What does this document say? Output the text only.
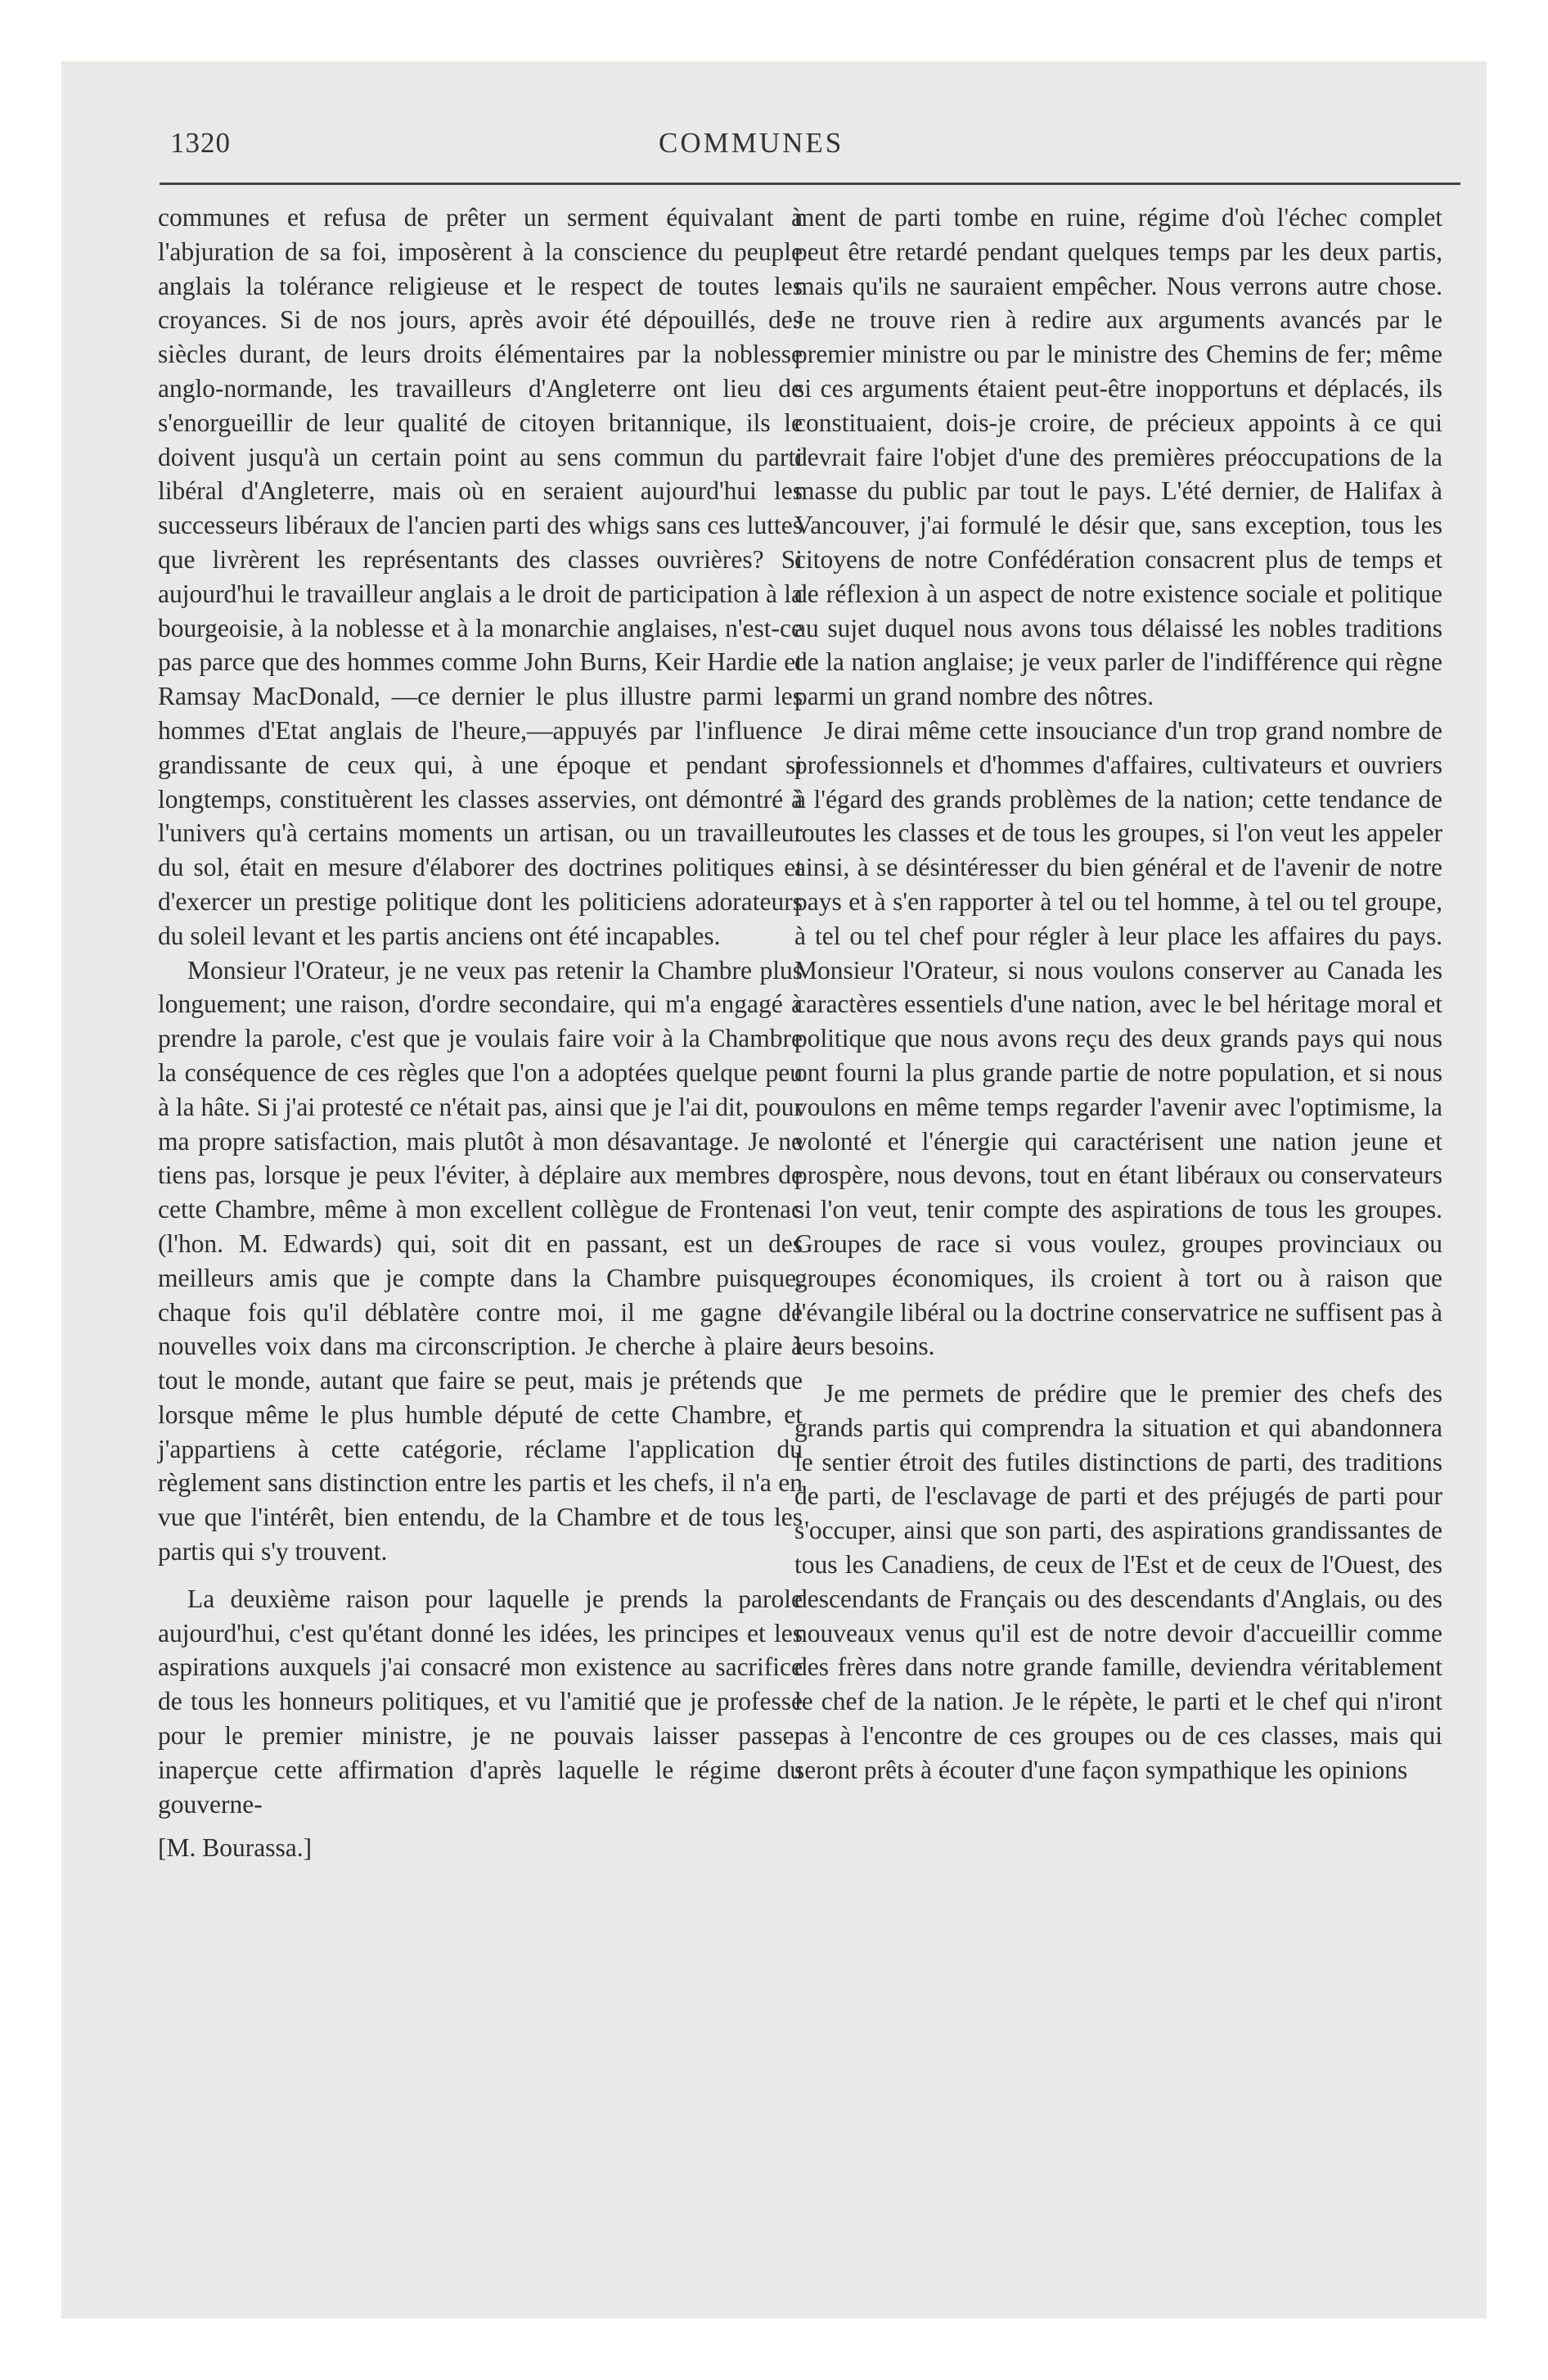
1320	COMMUNES

communes et refusa de prêter un serment équivalant à l'abjuration de sa foi, imposèrent à la conscience du peuple anglais la tolérance religieuse et le respect de toutes les croyances. Si de nos jours, après avoir été dépouillés, des siècles durant, de leurs droits élémentaires par la noblesse anglo-normande, les travailleurs d'Angleterre ont lieu de s'enorgueillir de leur qualité de citoyen britannique, ils le doivent jusqu'à un certain point au sens commun du parti libéral d'Angleterre, mais où en seraient aujourd'hui les successeurs libéraux de l'ancien parti des whigs sans ces luttes que livrèrent les représentants des classes ouvrières? Si aujourd'hui le travailleur anglais a le droit de participation à la bourgeoisie, à la noblesse et à la monarchie anglaises, n'est-ce pas parce que des hommes comme John Burns, Keir Hardie et Ramsay MacDonald, —ce dernier le plus illustre parmi les hommes d'Etat anglais de l'heure,—appuyés par l'influence grandissante de ceux qui, à une époque et pendant si longtemps, constituèrent les classes asservies, ont démontré à l'univers qu'à certains moments un artisan, ou un travailleur du sol, était en mesure d'élaborer des doctrines politiques et d'exercer un prestige politique dont les politiciens adorateurs du soleil levant et les partis anciens ont été incapables.

Monsieur l'Orateur, je ne veux pas retenir la Chambre plus longuement; une raison, d'ordre secondaire, qui m'a engagé à prendre la parole, c'est que je voulais faire voir à la Chambre la conséquence de ces règles que l'on a adoptées quelque peu à la hâte. Si j'ai protesté ce n'était pas, ainsi que je l'ai dit, pour ma propre satisfaction, mais plutôt à mon désavantage. Je ne tiens pas, lorsque je peux l'éviter, à déplaire aux membres de cette Chambre, même à mon excellent collègue de Frontenac (l'hon. M. Edwards) qui, soit dit en passant, est un des meilleurs amis que je compte dans la Chambre puisque, chaque fois qu'il déblatère contre moi, il me gagne de nouvelles voix dans ma circonscription. Je cherche à plaire à tout le monde, autant que faire se peut, mais je prétends que lorsque même le plus humble député de cette Chambre, et j'appartiens à cette catégorie, réclame l'application du règlement sans distinction entre les partis et les chefs, il n'a en vue que l'intérêt, bien entendu, de la Chambre et de tous les partis qui s'y trouvent.

La deuxième raison pour laquelle je prends la parole aujourd'hui, c'est qu'étant donné les idées, les principes et les aspirations auxquels j'ai consacré mon existence au sacrifice de tous les honneurs politiques, et vu l'amitié que je professe pour le premier ministre, je ne pouvais laisser passer inaperçue cette affirmation d'après laquelle le régime du gouverne-

[M. Bourassa.]

ment de parti tombe en ruine, régime d'où l'échec complet peut être retardé pendant quelques temps par les deux partis, mais qu'ils ne sauraient empêcher. Nous verrons autre chose. Je ne trouve rien à redire aux arguments avancés par le premier ministre ou par le ministre des Chemins de fer; même si ces arguments étaient peut-être inopportuns et déplacés, ils constituaient, dois-je croire, de précieux appoints à ce qui devrait faire l'objet d'une des premières préoccupations de la masse du public par tout le pays. L'été dernier, de Halifax à Vancouver, j'ai formulé le désir que, sans exception, tous les citoyens de notre Confédération consacrent plus de temps et de réflexion à un aspect de notre existence sociale et politique au sujet duquel nous avons tous délaissé les nobles traditions de la nation anglaise; je veux parler de l'indifférence qui règne parmi un grand nombre des nôtres.

Je dirai même cette insouciance d'un trop grand nombre de professionnels et d'hommes d'affaires, cultivateurs et ouvriers à l'égard des grands problèmes de la nation; cette tendance de toutes les classes et de tous les groupes, si l'on veut les appeler ainsi, à se désintéresser du bien général et de l'avenir de notre pays et à s'en rapporter à tel ou tel homme, à tel ou tel groupe, à tel ou tel chef pour régler à leur place les affaires du pays. Monsieur l'Orateur, si nous voulons conserver au Canada les caractères essentiels d'une nation, avec le bel héritage moral et politique que nous avons reçu des deux grands pays qui nous ont fourni la plus grande partie de notre population, et si nous voulons en même temps regarder l'avenir avec l'optimisme, la volonté et l'énergie qui caractérisent une nation jeune et prospère, nous devons, tout en étant libéraux ou conservateurs si l'on veut, tenir compte des aspirations de tous les groupes. Groupes de race si vous voulez, groupes provinciaux ou groupes économiques, ils croient à tort ou à raison que l'évangile libéral ou la doctrine conservatrice ne suffisent pas à leurs besoins.

Je me permets de prédire que le premier des chefs des grands partis qui comprendra la situation et qui abandonnera le sentier étroit des futiles distinctions de parti, des traditions de parti, de l'esclavage de parti et des préjugés de parti pour s'occuper, ainsi que son parti, des aspirations grandissantes de tous les Canadiens, de ceux de l'Est et de ceux de l'Ouest, des descendants de Français ou des descendants d'Anglais, ou des nouveaux venus qu'il est de notre devoir d'accueillir comme des frères dans notre grande famille, deviendra véritablement le chef de la nation. Je le répète, le parti et le chef qui n'iront pas à l'encontre de ces groupes ou de ces classes, mais qui seront prêts à écouter d'une façon sympathique les opinions
